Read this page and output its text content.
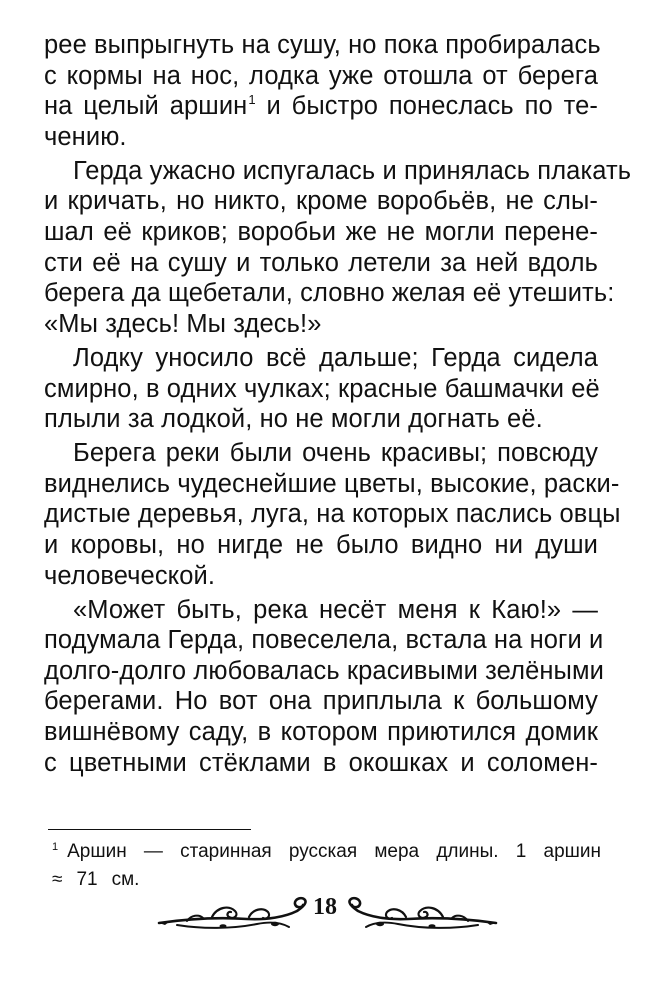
рее выпрыгнуть на сушу, но пока пробиралась
с кормы на нос, лодка уже отошла от берега
на целый аршин$^1$ и быстро понеслась по те-
чению.
Герда ужасно испугалась и принялась плакать
и кричать, но никто, кроме воробьёв, не слы-
шал её криков; воробьи же не могли перене-
сти её на сушу и только летели за ней вдоль
берега да щебетали, словно желая её утешить:
«Мы здесь! Мы здесь!»
Лодку уносило всё дальше; Герда сидела
смирно, в одних чулках; красные башмачки её
плыли за лодкой, но не могли догнать её.
Берега реки были очень красивы; повсюду
виднелись чудеснейшие цветы, высокие, раски-
дистые деревья, луга, на которых паслись овцы
и коровы, но нигде не было видно ни души
человеческой.
«Может быть, река несёт меня к Каю!» —
подумала Герда, повеселела, встала на ноги и
долго-долго любовалась красивыми зелёными
берегами. Но вот она приплыла к большому
вишнёвому саду, в котором приютился домик
с цветными стёклами в окошках и соломен-
$^1$ Аршин — старинная русская мера длины. 1 аршин
≈ 71 см.
18
